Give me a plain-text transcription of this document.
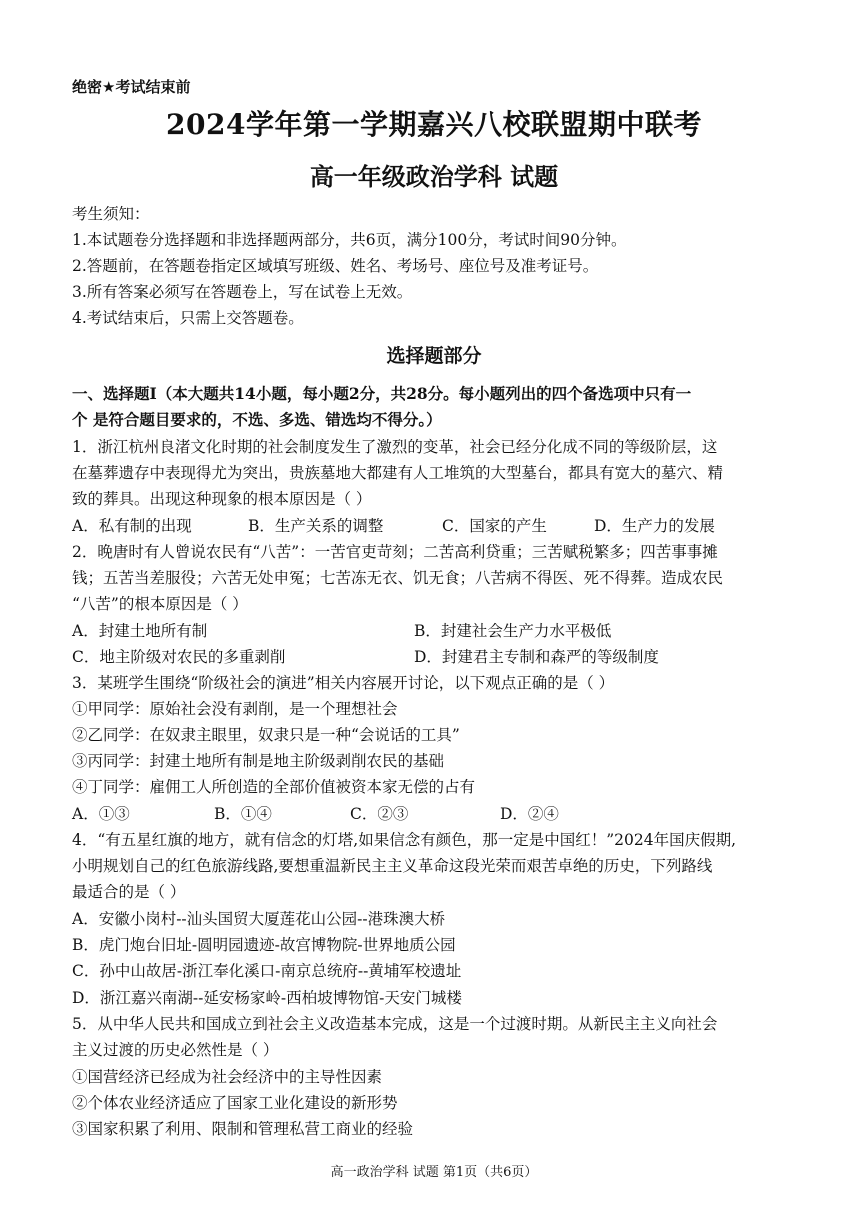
绝密★考试结束前
2024学年第一学期嘉兴八校联盟期中联考
高一年级政治学科 试题
考生须知：
1.本试题卷分选择题和非选择题两部分，共6页，满分100分，考试时间90分钟。
2.答题前，在答题卷指定区域填写班级、姓名、考场号、座位号及准考证号。
3.所有答案必须写在答题卷上，写在试卷上无效。
4.考试结束后，只需上交答题卷。
选择题部分
一、选择题Ⅰ（本大题共14小题，每小题2分，共28分。每小题列出的四个备选项中只有一
个 是符合题目要求的，不选、多选、错选均不得分。）
1．浙江杭州良渚文化时期的社会制度发生了激烈的变革，社会已经分化成不同的等级阶层，这
在墓葬遗存中表现得尤为突出，贵族墓地大都建有人工堆筑的大型墓台，都具有宽大的墓穴、精
致的葬具。出现这种现象的根本原因是（ ）
A．私有制的出现	B．生产关系的调整	C．国家的产生	D．生产力的发展
2．晚唐时有人曾说农民有“八苦”：一苦官吏苛刻；二苦高利贷重；三苦赋税繁多；四苦事事摊
钱；五苦当差服役；六苦无处申冤；七苦冻无衣、饥无食；八苦病不得医、死不得葬。造成农民
“八苦”的根本原因是（ ）
A．封建土地所有制	B．封建社会生产力水平极低
C．地主阶级对农民的多重剥削	D．封建君主专制和森严的等级制度
3．某班学生围绕“阶级社会的演进”相关内容展开讨论，以下观点正确的是（ ）
①甲同学：原始社会没有剥削，是一个理想社会
②乙同学：在奴隶主眼里，奴隶只是一种“会说话的工具”
③丙同学：封建土地所有制是地主阶级剥削农民的基础
④丁同学：雇佣工人所创造的全部价值被资本家无偿的占有
A．①③	B．①④	C．②③	D．②④
4．“有五星红旗的地方，就有信念的灯塔,如果信念有颜色，那一定是中国红！”2024年国庆假期,
小明规划自己的红色旅游线路,要想重温新民主主义革命这段光荣而艰苦卓绝的历史，下列路线
最适合的是（ ）
A．安徽小岗村--汕头国贸大厦莲花山公园--港珠澳大桥
B．虎门炮台旧址-圆明园遗迹-故宫博物院-世界地质公园
C．孙中山故居-浙江奉化溪口-南京总统府--黄埔军校遗址
D．浙江嘉兴南湖--延安杨家岭-西柏坡博物馆-天安门城楼
5．从中华人民共和国成立到社会主义改造基本完成，这是一个过渡时期。从新民主主义向社会
主义过渡的历史必然性是（ ）
①国营经济已经成为社会经济中的主导性因素
②个体农业经济适应了国家工业化建设的新形势
③国家积累了利用、限制和管理私营工商业的经验
高一政治学科 试题 第1页（共6页）
